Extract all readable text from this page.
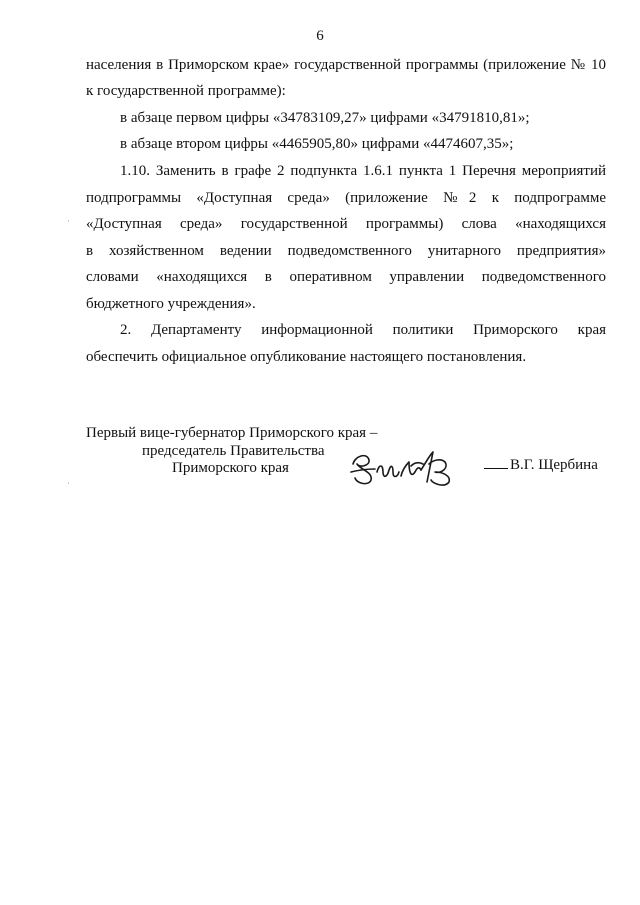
6
населения в Приморском крае» государственной программы (приложение № 10
к государственной программе):
в абзаце первом цифры «34783109,27» цифрами «34791810,81»;
в абзаце втором цифры «4465905,80» цифрами «4474607,35»;
1.10. Заменить в графе 2 подпункта 1.6.1 пункта 1 Перечня мероприятий
подпрограммы «Доступная среда» (приложение №2 к подпрограмме
«Доступная среда» государственной программы) слова «находящихся
в хозяйственном ведении подведомственного унитарного предприятия»
словами «находящихся в оперативном управлении подведомственного
бюджетного учреждения».
2. Департаменту информационной политики Приморского края
обеспечить официальное опубликование настоящего постановления.
Первый вице-губернатор Приморского края –
председатель Правительства
Приморского края	В.Г. Щербина
